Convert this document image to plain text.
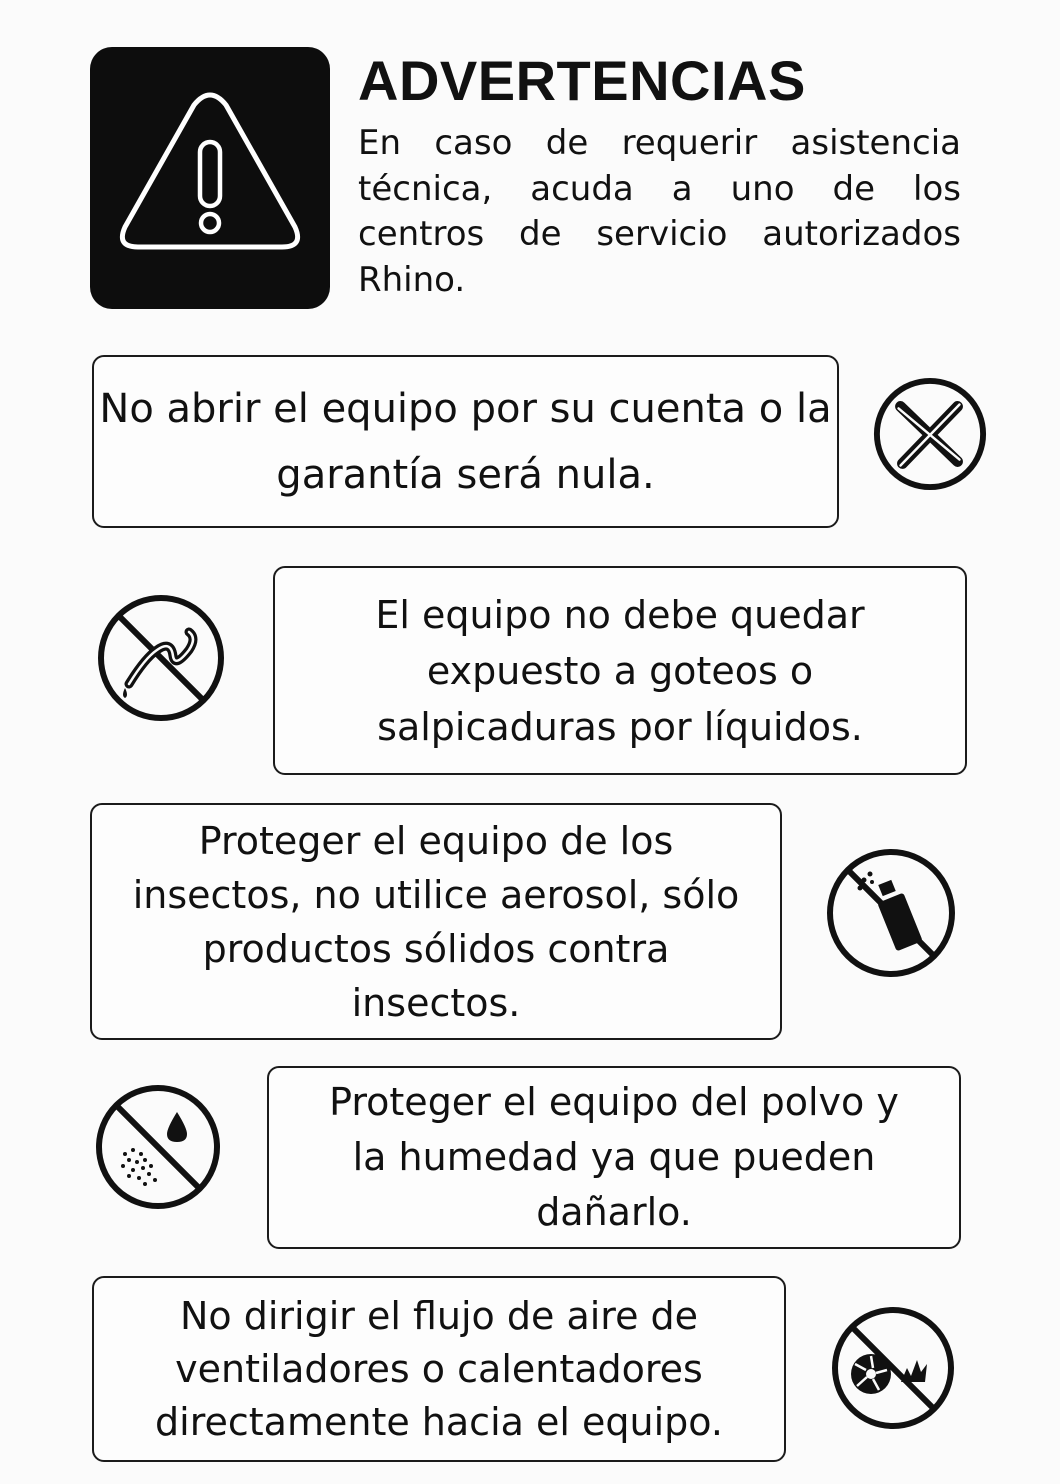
ADVERTENCIAS

En caso de requerir asistencia técnica, acuda a uno de los centros de servicio autorizados Rhino.

No abrir el equipo por su cuenta o la garantía será nula.

El equipo no debe quedar expuesto a goteos o salpicaduras por líquidos.

Proteger el equipo de los insectos, no utilice aerosol, sólo productos sólidos contra insectos.

Proteger el equipo del polvo y la humedad ya que pueden dañarlo.

No dirigir el flujo de aire de ventiladores o calentadores directamente hacia el equipo.
